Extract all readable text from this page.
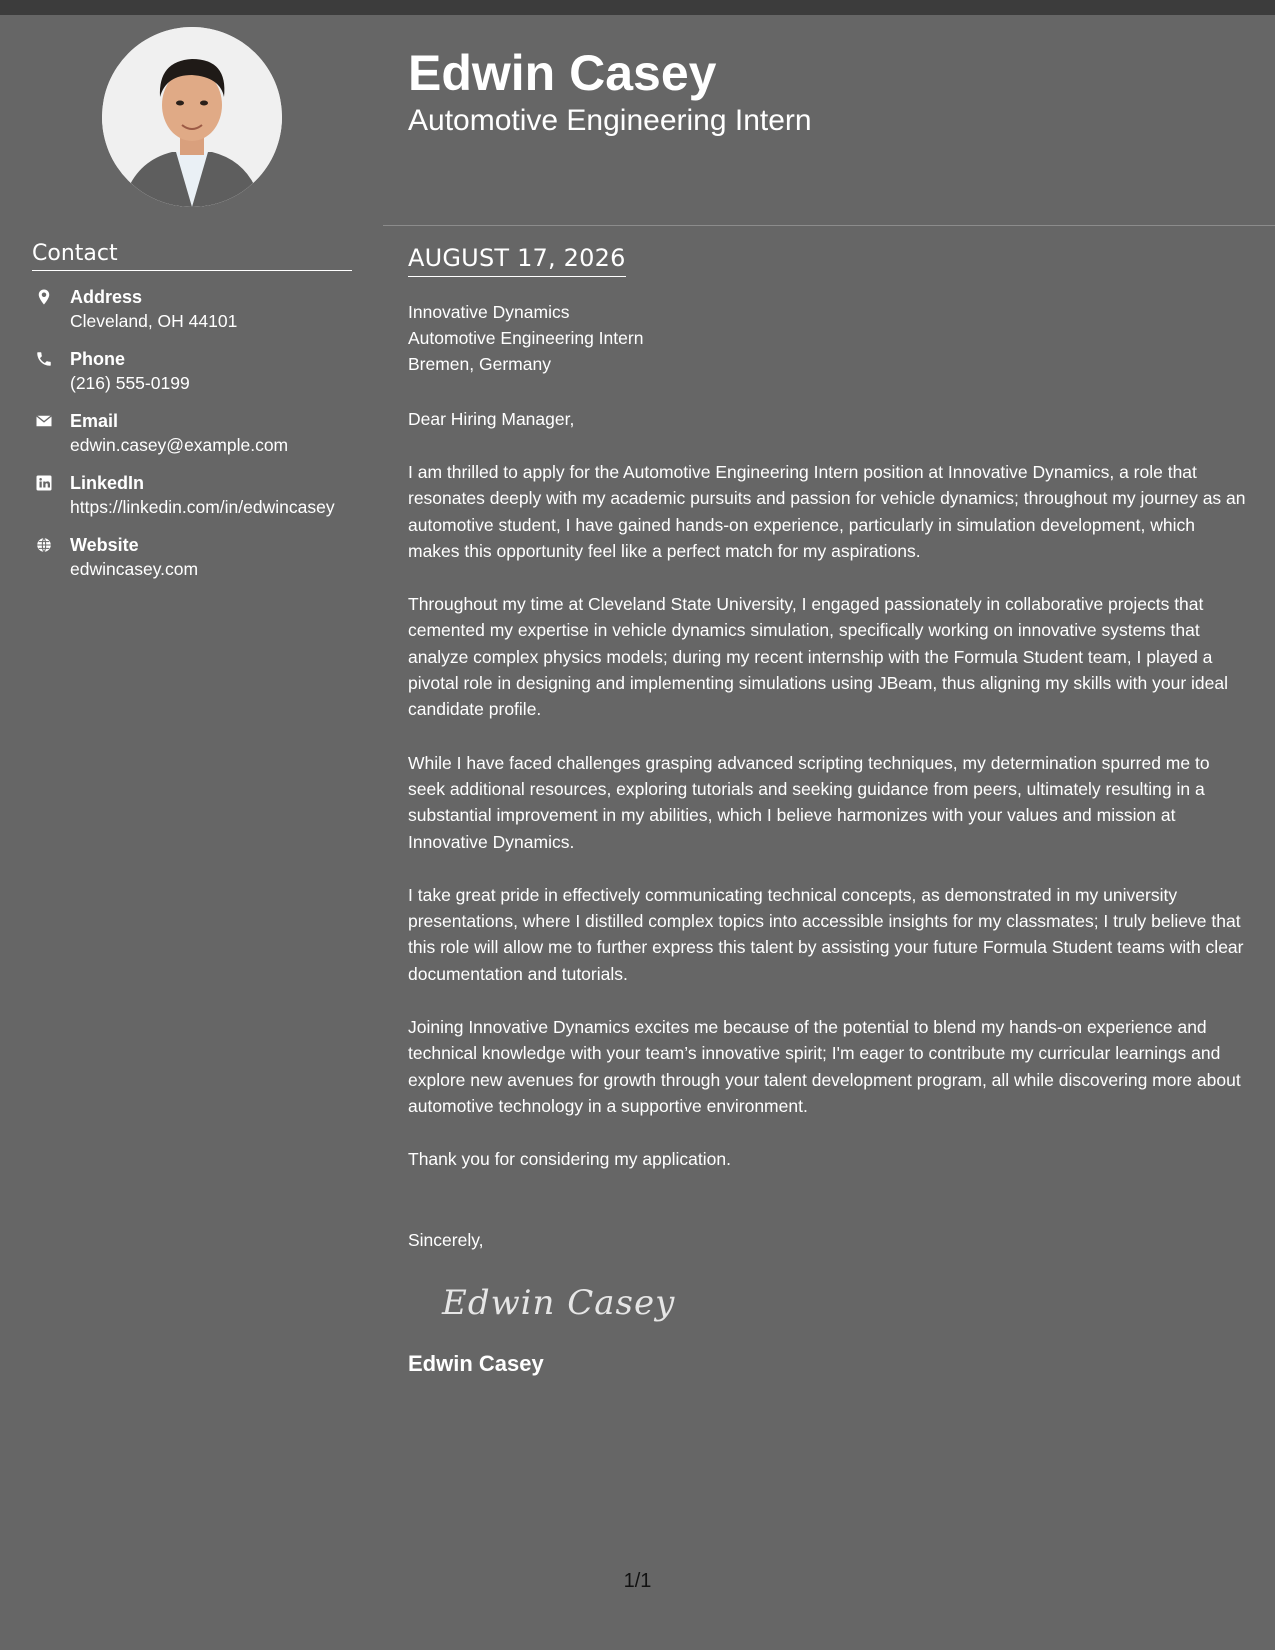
Contact
Address
Cleveland, OH 44101
Phone
(216) 555-0199
Email
edwin.casey@example.com
LinkedIn
https://linkedin.com/in/edwincasey
Website
edwincasey.com
Edwin Casey
Automotive Engineering Intern
AUGUST 17, 2026
Innovative Dynamics
Automotive Engineering Intern
Bremen, Germany
Dear Hiring Manager,

I am thrilled to apply for the Automotive Engineering Intern position at Innovative Dynamics, a role that resonates deeply with my academic pursuits and passion for vehicle dynamics; throughout my journey as an automotive student, I have gained hands-on experience, particularly in simulation development, which makes this opportunity feel like a perfect match for my aspirations.

Throughout my time at Cleveland State University, I engaged passionately in collaborative projects that cemented my expertise in vehicle dynamics simulation, specifically working on innovative systems that analyze complex physics models; during my recent internship with the Formula Student team, I played a pivotal role in designing and implementing simulations using JBeam, thus aligning my skills with your ideal candidate profile.

While I have faced challenges grasping advanced scripting techniques, my determination spurred me to seek additional resources, exploring tutorials and seeking guidance from peers, ultimately resulting in a substantial improvement in my abilities, which I believe harmonizes with your values and mission at Innovative Dynamics.

I take great pride in effectively communicating technical concepts, as demonstrated in my university presentations, where I distilled complex topics into accessible insights for my classmates; I truly believe that this role will allow me to further express this talent by assisting your future Formula Student teams with clear documentation and tutorials.

Joining Innovative Dynamics excites me because of the potential to blend my hands-on experience and technical knowledge with your team’s innovative spirit; I'm eager to contribute my curricular learnings and explore new avenues for growth through your talent development program, all while discovering more about automotive technology in a supportive environment.

Thank you for considering my application.

Sincerely,
Edwin Casey
Edwin Casey
1/1
